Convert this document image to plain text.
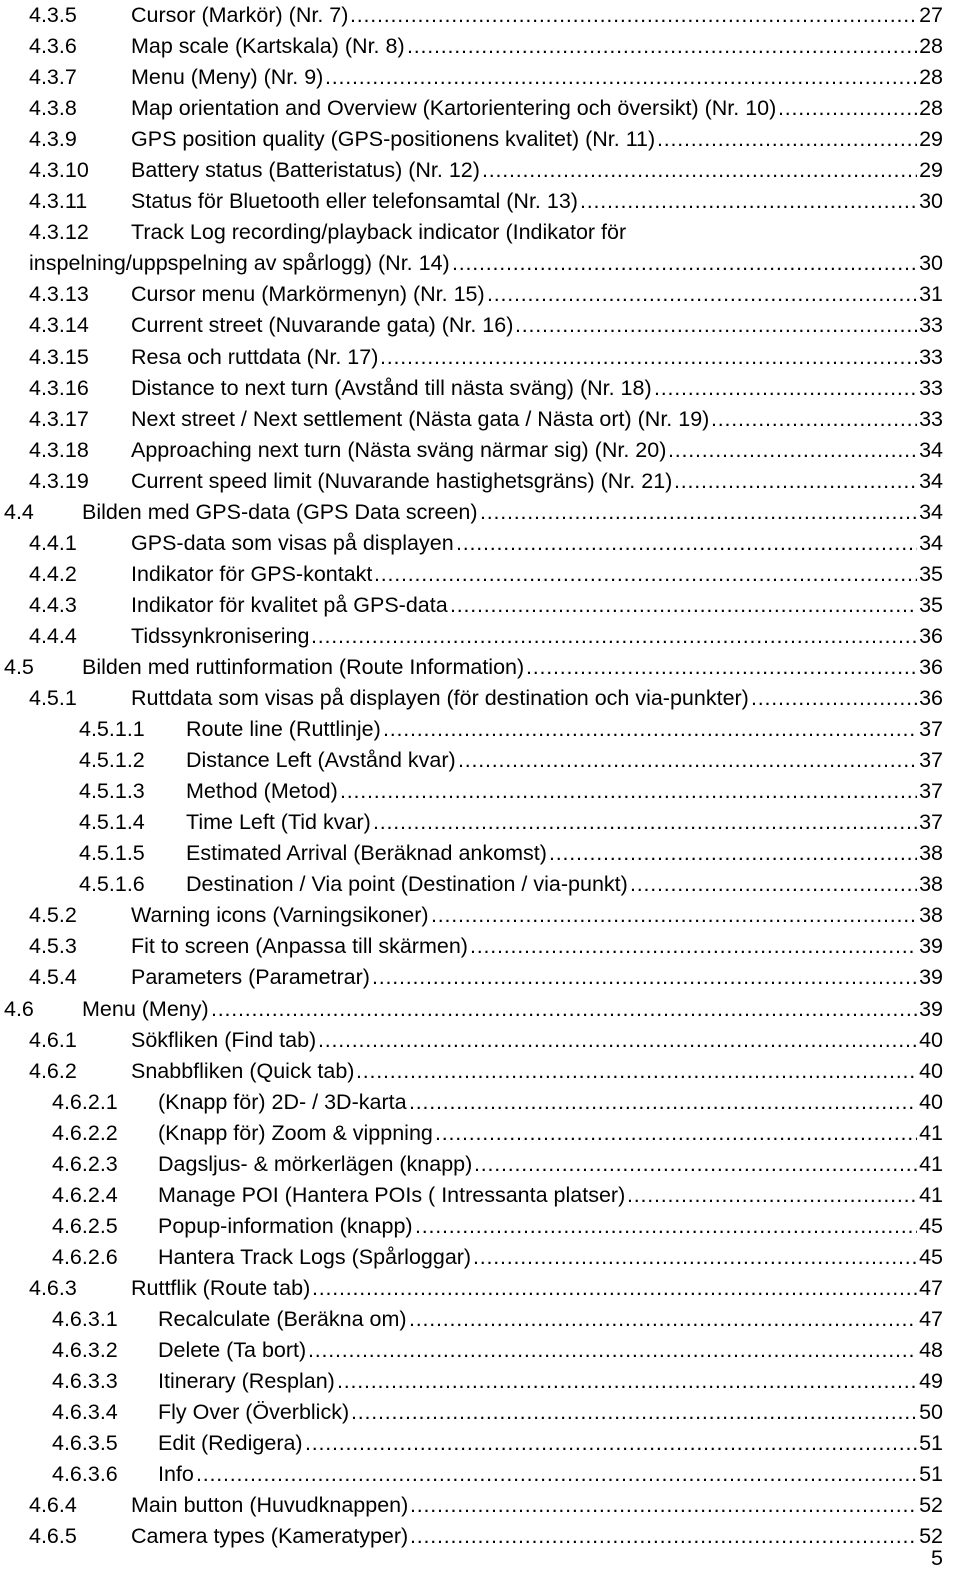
4.3.5	Cursor (Markör) (Nr. 7) . . .	27
4.3.6	Map scale (Kartskala) (Nr. 8) . . .	28
4.3.7	Menu (Meny) (Nr. 9) . . .	28
4.3.8	Map orientation and Overview (Kartorientering och översikt) (Nr. 10) . . .	28
4.3.9	GPS position quality (GPS-positionens kvalitet) (Nr. 11) . . .	29
4.3.10 Battery status (Batteristatus) (Nr. 12) . . .	29
4.3.11 Status för Bluetooth eller telefonsamtal (Nr. 13) . . .	30
4.3.12 Track Log recording/playback indicator (Indikator för
inspelning/uppspelning av spårlogg) (Nr. 14) . . .	30
4.3.13 Cursor menu (Markörmenyn) (Nr. 15) . . .	31
4.3.14 Current street (Nuvarande gata) (Nr. 16) . . .	33
4.3.15 Resa och ruttdata (Nr. 17) . . .	33
4.3.16 Distance to next turn (Avstånd till nästa sväng) (Nr. 18) . . .	33
4.3.17 Next street / Next settlement (Nästa gata / Nästa ort) (Nr. 19) . . .	33
4.3.18 Approaching next turn (Nästa sväng närmar sig) (Nr. 20) . . .	34
4.3.19 Current speed limit (Nuvarande hastighetsgräns) (Nr. 21) . . .	34
4.4 Bilden med GPS-data (GPS Data screen) . . .	34
4.4.1	GPS-data som visas på displayen . . .	34
4.4.2	Indikator för GPS-kontakt . . .	35
4.4.3	Indikator för kvalitet på GPS-data . . .	35
4.4.4	Tidssynkronisering . . .	36
4.5 Bilden med ruttinformation (Route Information) . . .	36
4.5.1	Ruttdata som visas på displayen (för destination och via-punkter) . . .	36
4.5.1.1 Route line (Ruttlinje) . . .	37
4.5.1.2 Distance Left (Avstånd kvar) . . .	37
4.5.1.3 Method (Metod) . . .	37
4.5.1.4 Time Left (Tid kvar) . . .	37
4.5.1.5 Estimated Arrival (Beräknad ankomst) . . .	38
4.5.1.6 Destination / Via point (Destination / via-punkt) . . .	38
4.5.2	Warning icons (Varningsikoner) . . .	38
4.5.3	Fit to screen (Anpassa till skärmen) . . .	39
4.5.4	Parameters (Parametrar) . . .	39
4.6 Menu (Meny) . . .	39
4.6.1	Sökfliken (Find tab) . . .	40
4.6.2	Snabbfliken (Quick tab) . . .	40
4.6.2.1 (Knapp för) 2D- / 3D-karta . . .	40
4.6.2.2 (Knapp för) Zoom & vippning . . .	41
4.6.2.3 Dagsljus- & mörkerlägen (knapp) . . .	41
4.6.2.4 Manage POI (Hantera POIs ( Intressanta platser) . . .	41
4.6.2.5 Popup-information (knapp) . . .	45
4.6.2.6 Hantera Track Logs (Spårloggar) . . .	45
4.6.3	Ruttflik (Route tab) . . .	47
4.6.3.1 Recalculate (Beräkna om) . . .	47
4.6.3.2 Delete (Ta bort) . . .	48
4.6.3.3 Itinerary (Resplan) . . .	49
4.6.3.4 Fly Over (Överblick) . . .	50
4.6.3.5 Edit (Redigera) . . .	51
4.6.3.6 Info . . .	51
4.6.4	Main button (Huvudknappen) . . .	52
4.6.5	Camera types (Kameratyper) . . .	52
5
